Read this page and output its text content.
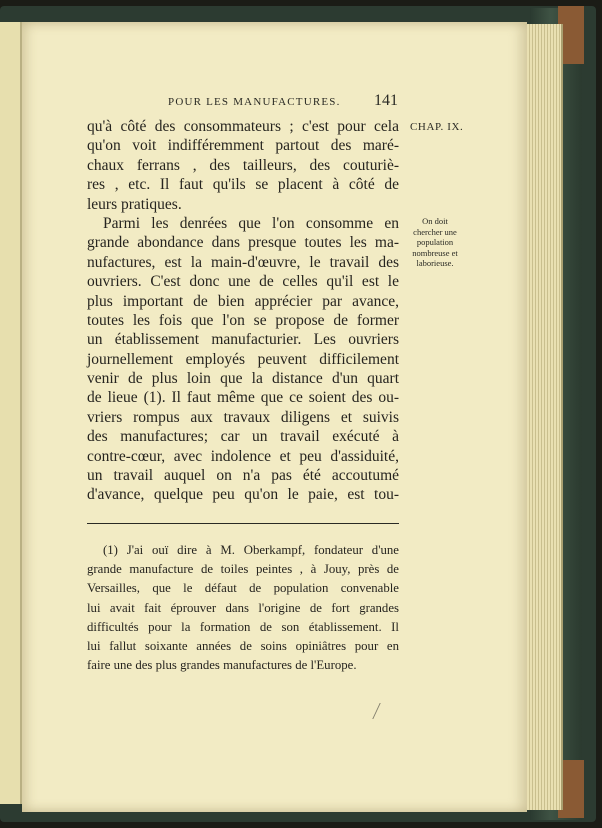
POUR LES MANUFACTURES. 141
CHAP. IX.
On doit
chercher une
population
nombreuse et
laborieuse.
qu'à côté des consommateurs ; c'est pour cela
qu'on voit indifféremment partout des maré-
chaux ferrans , des tailleurs, des couturiè-
res , etc. Il faut qu'ils se placent à côté de
leurs pratiques.
Parmi les denrées que l'on consomme en
grande abondance dans presque toutes les ma-
nufactures, est la main-d'œuvre, le travail des
ouvriers. C'est donc une de celles qu'il est le
plus important de bien apprécier par avance,
toutes les fois que l'on se propose de former
un établissement manufacturier. Les ouvriers
journellement employés peuvent difficilement
venir de plus loin que la distance d'un quart
de lieue (1). Il faut même que ce soient des ou-
vriers rompus aux travaux diligens et suivis
des manufactures; car un travail exécuté à
contre-cœur, avec indolence et peu d'assiduité,
un travail auquel on n'a pas été accoutumé
d'avance, quelque peu qu'on le paie, est tou-
(1) J'ai ouï dire à M. Oberkampf, fondateur d'une
grande manufacture de toiles peintes , à Jouy, près de
Versailles, que le défaut de population convenable
lui avait fait éprouver dans l'origine de fort grandes
difficultés pour la formation de son établissement. Il
lui fallut soixante années de soins opiniâtres pour en
faire une des plus grandes manufactures de l'Europe.
